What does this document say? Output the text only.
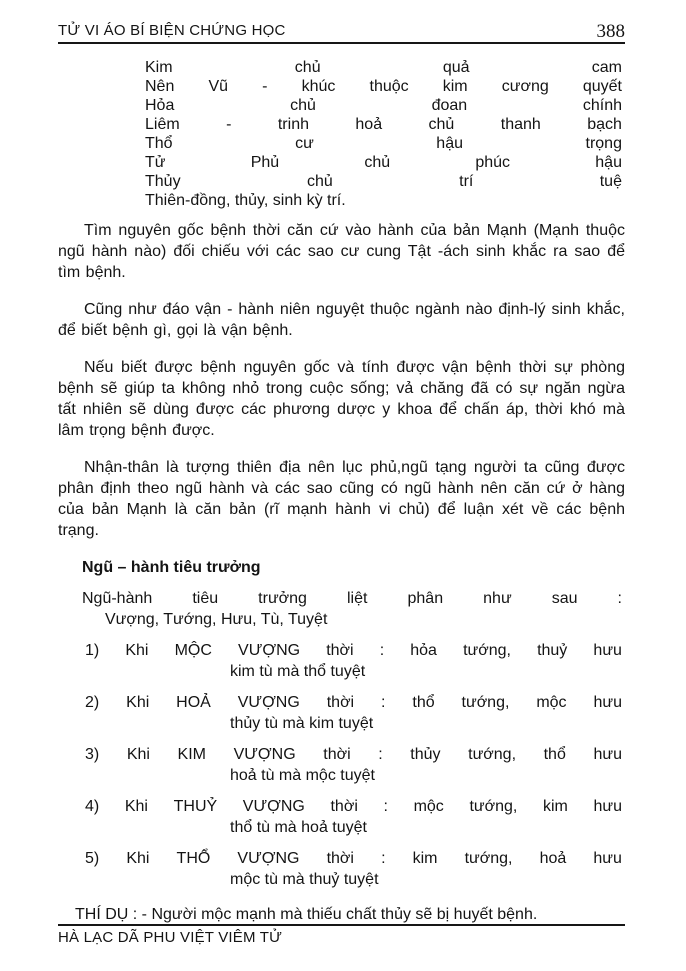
TỬ VI ÁO BÍ BIỆN CHỨNG HỌC	388
Kim	chủ	quả	cam
Nên Vũ - khúc thuộc kim cương quyết
Hỏa	chủ	đoan	chính
Liêm	-	trinh	hoả	chủ	thanh	bạch
Thổ	cư	hậu	trọng
Tử	Phủ	chủ	phúc	hậu
Thủy	chủ	trí	tuệ
Thiên-đồng, thủy, sinh kỳ trí.

Tìm nguyên gốc bệnh thời căn cứ vào hành của bản Mạnh (Mạnh thuộc ngũ hành nào) đối chiếu với các sao cư cung Tật -ách sinh khắc ra sao để tìm bệnh.

Cũng như đáo vận - hành niên nguyệt thuộc ngành nào định-lý sinh khắc, để biết bệnh gì, gọi là vận bệnh.

Nếu biết được bệnh nguyên gốc và tính được vận bệnh thời sự phòng bệnh sẽ giúp ta không nhỏ trong cuộc sống; vả chăng đã có sự ngăn ngừa tất nhiên sẽ dùng được các phương dược y khoa để chấn áp, thời khó mà lâm trọng bệnh được.

Nhận-thân là tượng thiên địa nên lục phủ,ngũ tạng người ta cũng được phân định theo ngũ hành và các sao cũng có ngũ hành nên căn cứ ở hàng của bản Mạnh là căn bản (rĩ mạnh hành vi chủ) để luận xét về các bệnh trạng.

Ngũ – hành tiêu trưởng
Ngũ-hành	tiêu	trưởng	liệt	phân	như	sau	:
Vượng, Tướng, Hưu, Tù, Tuyệt
1) Khi MỘC VƯỢNG thời : hỏa tướng, thuỷ hưu
kim tù mà thổ tuyệt
2) Khi HOẢ VƯỢNG thời : thổ tướng, mộc hưu
thủy tù mà kim tuyệt
3) Khi KIM VƯỢNG thời : thủy tướng, thổ hưu
hoả tù mà mộc tuyệt
4) Khi THUỶ VƯỢNG thời : mộc tướng, kim hưu
thổ tù mà hoả tuyệt
5) Khi THỔ VƯỢNG thời : kim tướng, hoả hưu
mộc tù mà thuỷ tuyệt
THÍ DỤ : - Người mộc mạnh mà thiếu chất thủy sẽ bị huyết bệnh.
HÀ LẠC DÃ PHU VIỆT VIÊM TỬ
